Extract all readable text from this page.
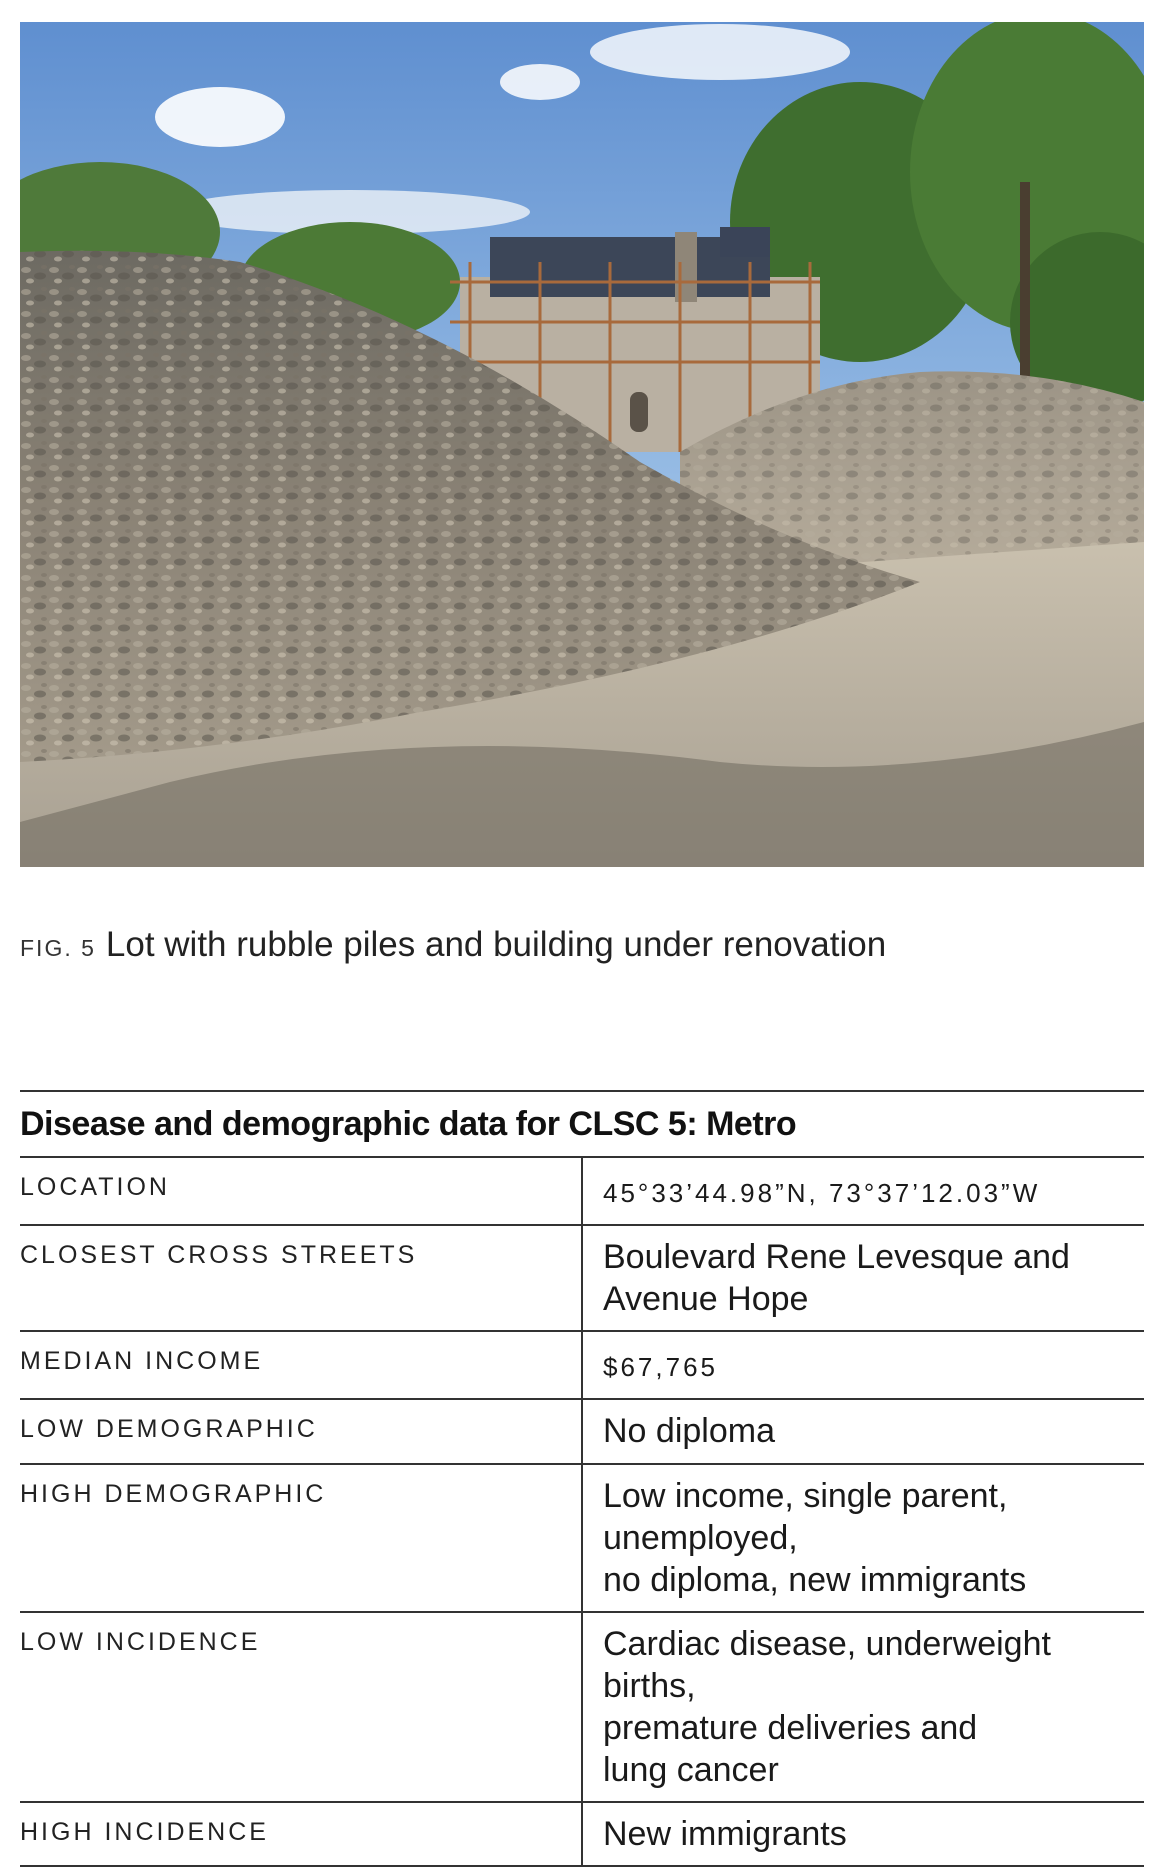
FIG. 5 Lot with rubble piles and building under renovation
Disease and demographic data for CLSC 5: Metro	
LOCATION	45°33’44.98”N, 73°37’12.03”W

CLOSEST CROSS STREETS	Boulevard Rene Levesque and Avenue Hope

MEDIAN INCOME	$67,765

LOW DEMOGRAPHIC	No diploma

HIGH DEMOGRAPHIC	Low income, single parent, unemployed,
no diploma, new immigrants

LOW INCIDENCE	Cardiac disease, underweight births,
premature deliveries and
lung cancer

HIGH INCIDENCE	New immigrants
